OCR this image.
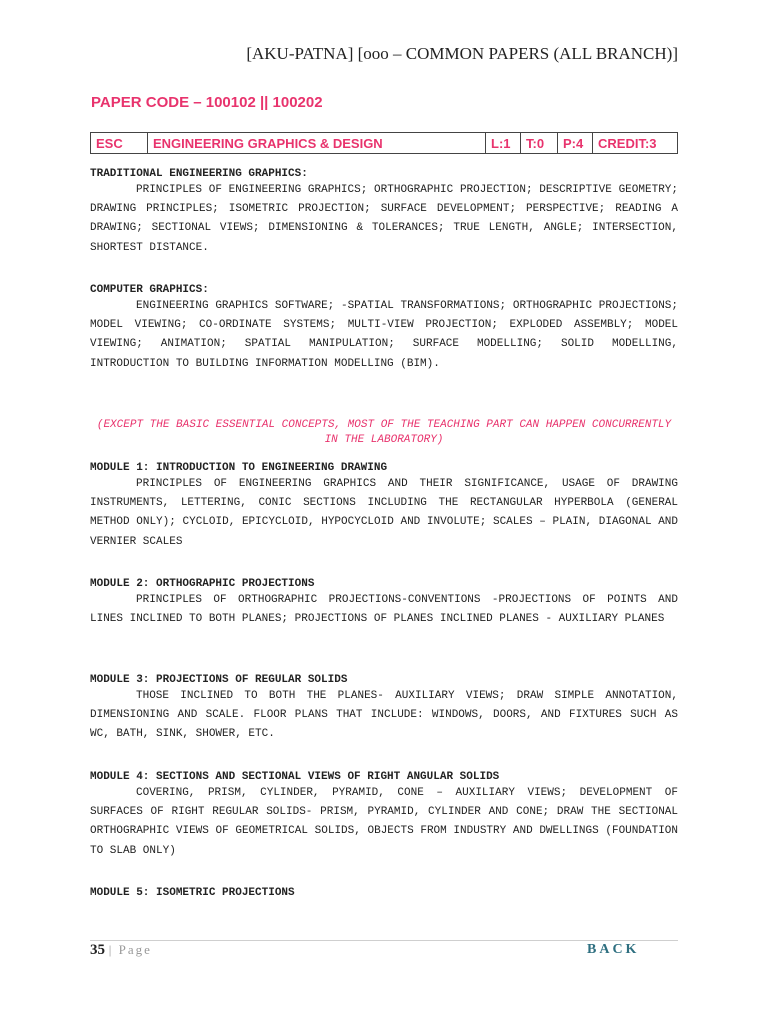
[AKU-PATNA] [ooo – COMMON PAPERS (ALL BRANCH)]
PAPER CODE – 100102 || 100202
ESC	ENGINEERING GRAPHICS & DESIGN	L:1	T:0	P:4	CREDIT:3
TRADITIONAL ENGINEERING GRAPHICS:
PRINCIPLES OF ENGINEERING GRAPHICS; ORTHOGRAPHIC PROJECTION; DESCRIPTIVE GEOMETRY; DRAWING PRINCIPLES; ISOMETRIC PROJECTION; SURFACE DEVELOPMENT; PERSPECTIVE; READING A DRAWING; SECTIONAL VIEWS; DIMENSIONING & TOLERANCES; TRUE LENGTH, ANGLE; INTERSECTION, SHORTEST DISTANCE.
COMPUTER GRAPHICS:
ENGINEERING GRAPHICS SOFTWARE; -SPATIAL TRANSFORMATIONS; ORTHOGRAPHIC PROJECTIONS; MODEL VIEWING; CO-ORDINATE SYSTEMS; MULTI-VIEW PROJECTION; EXPLODED ASSEMBLY; MODEL VIEWING; ANIMATION; SPATIAL MANIPULATION; SURFACE MODELLING; SOLID MODELLING, INTRODUCTION TO BUILDING INFORMATION MODELLING (BIM).
(EXCEPT THE BASIC ESSENTIAL CONCEPTS, MOST OF THE TEACHING PART CAN HAPPEN CONCURRENTLY IN THE LABORATORY)
MODULE 1: INTRODUCTION TO ENGINEERING DRAWING
PRINCIPLES OF ENGINEERING GRAPHICS AND THEIR SIGNIFICANCE, USAGE OF DRAWING INSTRUMENTS, LETTERING, CONIC SECTIONS INCLUDING THE RECTANGULAR HYPERBOLA (GENERAL METHOD ONLY); CYCLOID, EPICYCLOID, HYPOCYCLOID AND INVOLUTE; SCALES – PLAIN, DIAGONAL AND VERNIER SCALES
MODULE 2: ORTHOGRAPHIC PROJECTIONS
PRINCIPLES OF ORTHOGRAPHIC PROJECTIONS-CONVENTIONS -PROJECTIONS OF POINTS AND LINES INCLINED TO BOTH PLANES; PROJECTIONS OF PLANES INCLINED PLANES - AUXILIARY PLANES
MODULE 3: PROJECTIONS OF REGULAR SOLIDS
THOSE INCLINED TO BOTH THE PLANES- AUXILIARY VIEWS; DRAW SIMPLE ANNOTATION, DIMENSIONING AND SCALE. FLOOR PLANS THAT INCLUDE: WINDOWS, DOORS, AND FIXTURES SUCH AS WC, BATH, SINK, SHOWER, ETC.
MODULE 4: SECTIONS AND SECTIONAL VIEWS OF RIGHT ANGULAR SOLIDS
COVERING, PRISM, CYLINDER, PYRAMID, CONE – AUXILIARY VIEWS; DEVELOPMENT OF SURFACES OF RIGHT REGULAR SOLIDS- PRISM, PYRAMID, CYLINDER AND CONE; DRAW THE SECTIONAL ORTHOGRAPHIC VIEWS OF GEOMETRICAL SOLIDS, OBJECTS FROM INDUSTRY AND DWELLINGS (FOUNDATION TO SLAB ONLY)
MODULE 5: ISOMETRIC PROJECTIONS
35 | Page	BACK
